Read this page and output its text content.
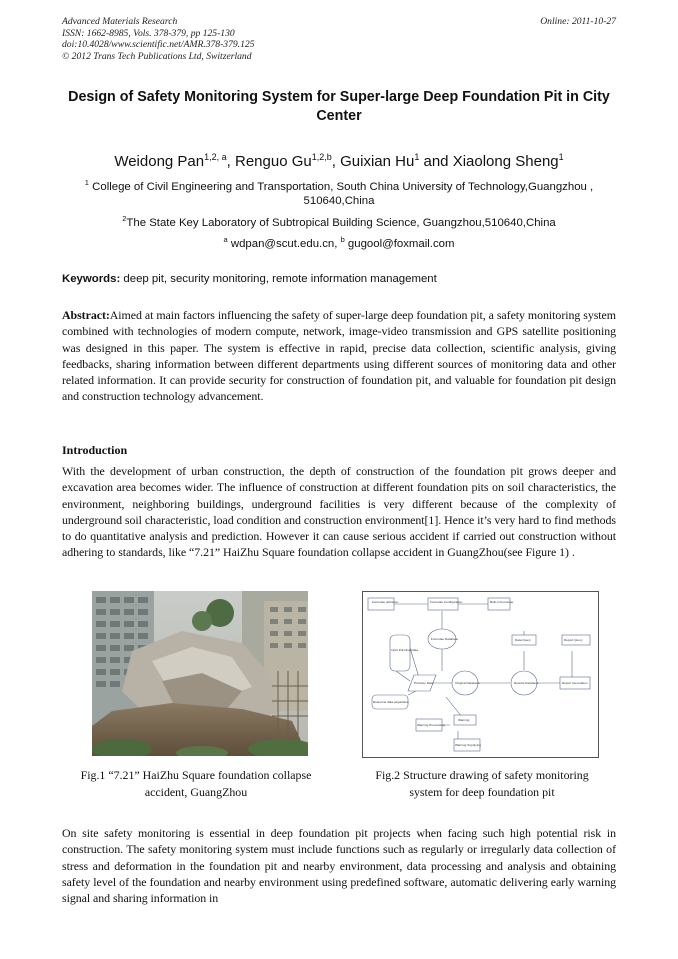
Advanced Materials Research
ISSN: 1662-8985, Vols. 378-379, pp 125-130
doi:10.4028/www.scientific.net/AMR.378-379.125
© 2012 Trans Tech Publications Ltd, Switzerland
Online: 2011-10-27
Design of Safety Monitoring System for Super-large Deep Foundation Pit in City Center
Weidong Pan$^{1,2, a}$, Renguo Gu$^{1,2,b}$, Guixian Hu$^1$ and Xiaolong Sheng$^1$
$^1$ College of Civil Engineering and Transportation, South China University of Technology,Guangzhou , 510640,China
$^2$The State Key Laboratory of Subtropical Building Science, Guangzhou,510640,China
$^a$ wdpan@scut.edu.cn, $^b$ gugool@foxmail.com
Keywords: deep pit, security monitoring, remote information management
Abstract:Aimed at main factors influencing the safety of super-large deep foundation pit, a safety monitoring system combined with technologies of modern compute, network, image-video transmission and GPS satellite positioning was designed in this paper. The system is effective in rapid, precise data collection, scientific analysis, giving feedbacks, sharing information between different departments using different sources of monitoring data and other related information. It can provide security for construction of foundation pit, and valuable for foundation pit design and construction technology advancement.
Introduction
With the development of urban construction, the depth of construction of the foundation pit grows deeper and excavation area becomes wider. The influence of construction at different foundation pits on soil characteristics, the environment, neighboring buildings, underground facilities is very different because of the complexity of underground soil characteristic, load condition and construction environment[1]. Hence it’s very hard to find methods to do quantitative analysis and prediction. However it can cause serious accident if carried out construction without adhering to standards, like “7.21” HaiZhu Square foundation collapse accident in GuangZhou(see Figure 1) .
Formulae definition	Formulae Configuration	Built-in Formulae
Formulae Database
Input Primitive Data
Primitive Data	Original Database	Results Database
Data Query	Report Query
Report Generation
Real-time data acquisition
Warning
Warning Processing
Warning Supplying
Fig.1 “7.21” HaiZhu Square foundation collapse
accident, GuangZhou
Fig.2 Structure drawing of safety monitoring
system for deep foundation pit
On site safety monitoring is essential in deep foundation pit projects when facing such high potential risk in construction. The safety monitoring system must include functions such as regularly or irregularly data collection of stress and deformation in the foundation pit and nearby environment, data processing and analysis and obtaining safety level of the foundation and nearby environment using predefined software, automatic delivering early warning signal and sharing information in
